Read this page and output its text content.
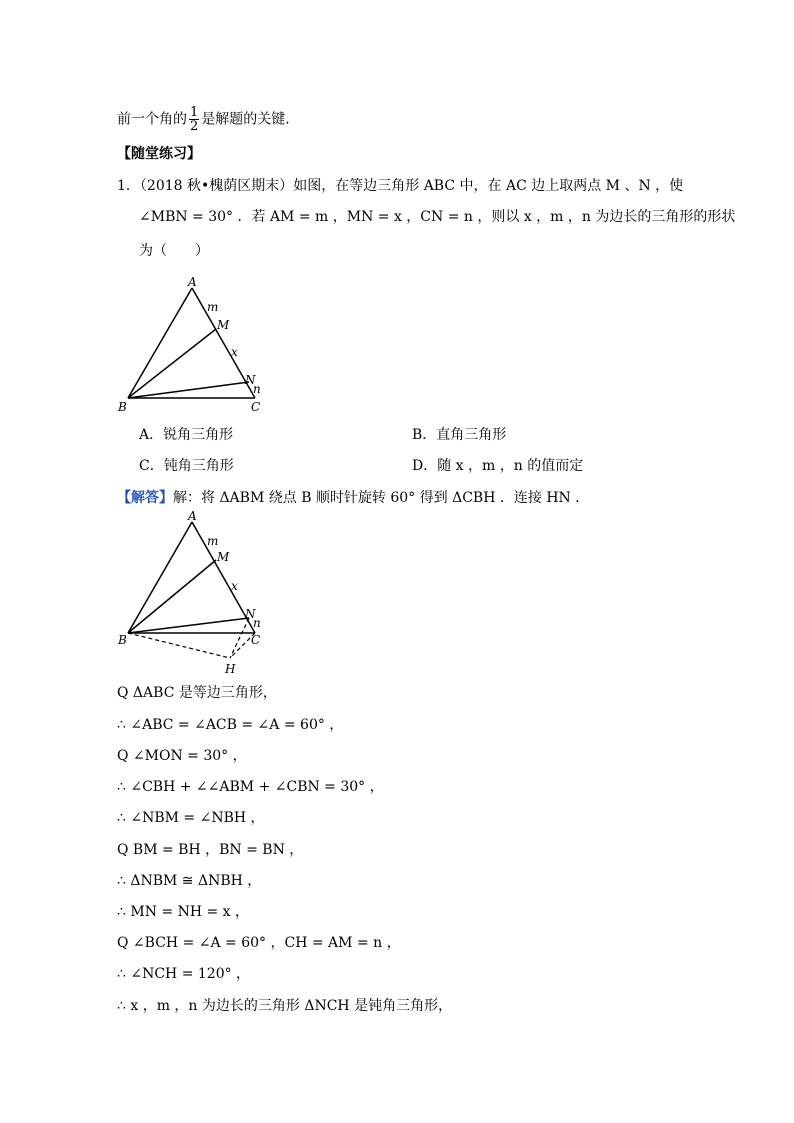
前一个角的 $\frac{1}{2}$ 是解题的关键．
【随堂练习】
1．（2018 秋•槐荫区期末）如图，在等边三角形 ABC 中，在 AC 边上取两点 M 、N ，使
∠MBN = 30° ．若 AM = m ，MN = x ，CN = n ，则以 x ，m ，n 为边长的三角形的形状
为（　　）
A
B	C
M
N
m
x
n
A．锐角三角形	B．直角三角形
C．钝角三角形	D．随 x ，m ，n 的值而定
【解答】解：将 ΔABM 绕点 B 顺时针旋转 60° 得到 ΔCBH ．连接 HN ．
A
B	C
M
N
H
m
x
n
Q ΔABC 是等边三角形，
∴ ∠ABC = ∠ACB = ∠A = 60° ，
Q ∠MON = 30° ，
∴ ∠CBH + ∠∠ABM + ∠CBN = 30° ，
∴ ∠NBM = ∠NBH ，
Q BM = BH ，BN = BN ，
∴ ΔNBM ≅ ΔNBH ，
∴ MN = NH = x ，
Q ∠BCH = ∠A = 60° ，CH = AM = n ，
∴ ∠NCH = 120° ，
∴ x ，m ，n 为边长的三角形 ΔNCH 是钝角三角形，
